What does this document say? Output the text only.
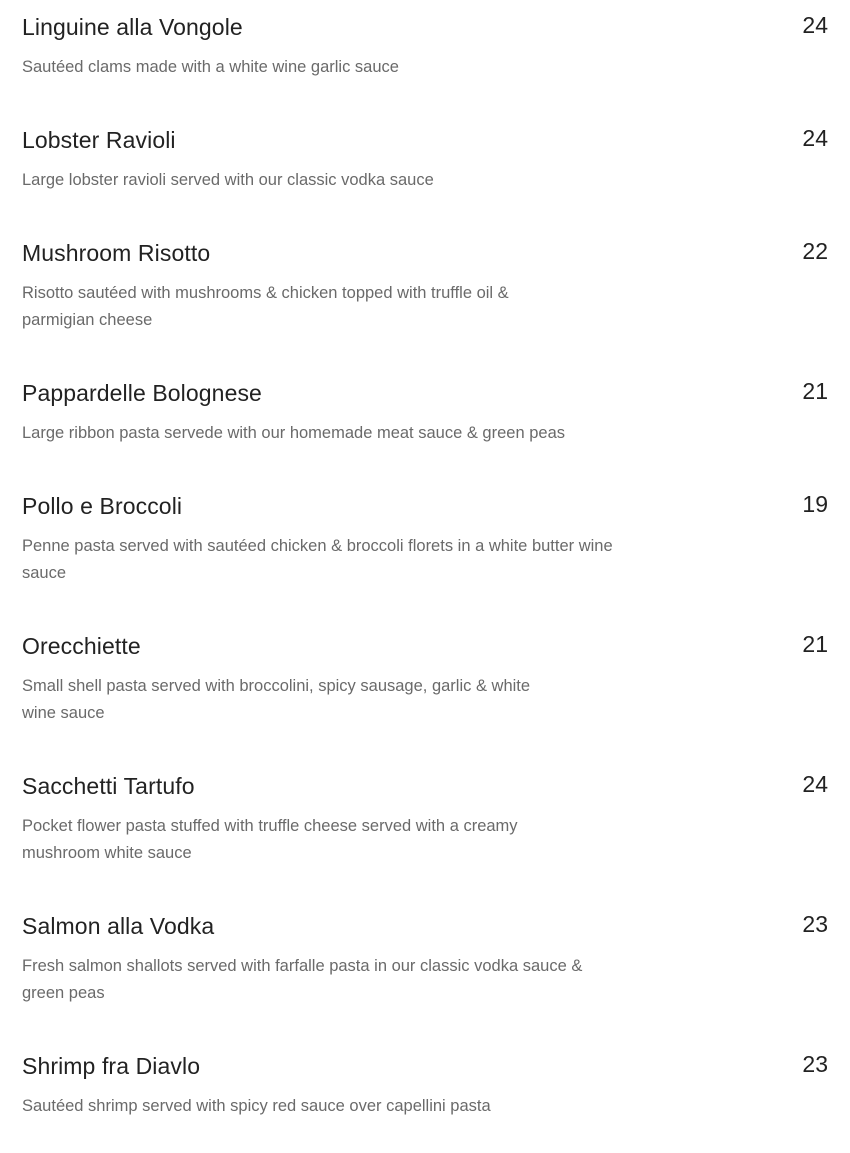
Linguine alla Vongole	24
Sautéed clams made with a white wine garlic sauce
Lobster Ravioli	24
Large lobster ravioli served with our classic vodka sauce
Mushroom Risotto	22
Risotto sautéed with mushrooms & chicken topped with truffle oil & parmigian cheese
Pappardelle Bolognese	21
Large ribbon pasta servede with our homemade meat sauce & green peas
Pollo e Broccoli	19
Penne pasta served with sautéed chicken & broccoli florets in a white butter wine sauce
Orecchiette	21
Small shell pasta served with broccolini, spicy sausage, garlic & white wine sauce
Sacchetti Tartufo	24
Pocket flower pasta stuffed with truffle cheese served with a creamy mushroom white sauce
Salmon alla Vodka	23
Fresh salmon shallots served with farfalle pasta in our classic vodka sauce & green peas
Shrimp fra Diavlo	23
Sautéed shrimp served with spicy red sauce over capellini pasta
